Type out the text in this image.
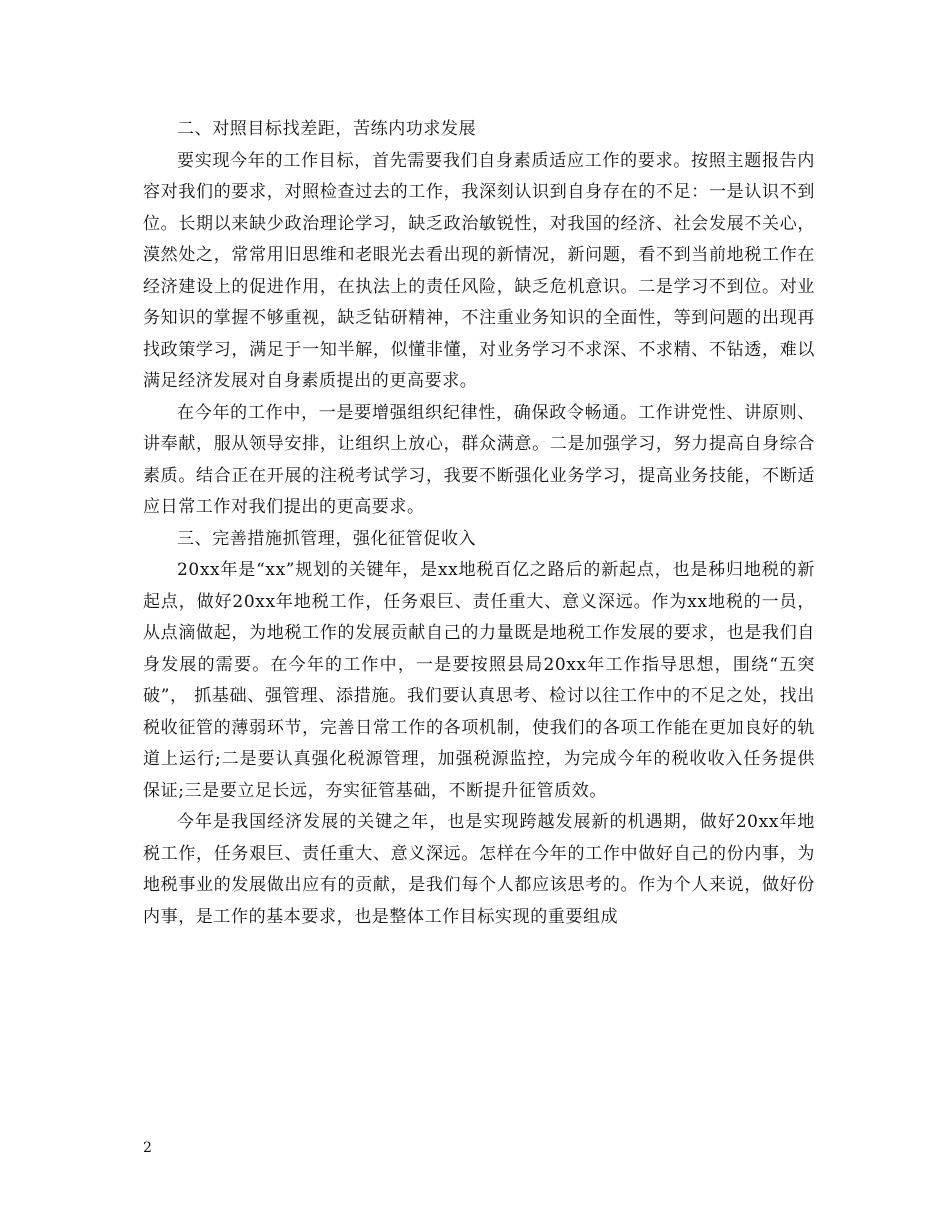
二、对照目标找差距，苦练内功求发展

要实现今年的工作目标，首先需要我们自身素质适应工作的要求。按照主题报告内容对我们的要求，对照检查过去的工作，我深刻认识到自身存在的不足：一是认识不到位。长期以来缺少政治理论学习，缺乏政治敏锐性，对我国的经济、社会发展不关心，漠然处之，常常用旧思维和老眼光去看出现的新情况，新问题，看不到当前地税工作在经济建设上的促进作用，在执法上的责任风险，缺乏危机意识。二是学习不到位。对业务知识的掌握不够重视，缺乏钻研精神，不注重业务知识的全面性，等到问题的出现再找政策学习，满足于一知半解，似懂非懂，对业务学习不求深、不求精、不钻透，难以满足经济发展对自身素质提出的更高要求。

在今年的工作中，一是要增强组织纪律性，确保政令畅通。工作讲党性、讲原则、讲奉献，服从领导安排，让组织上放心，群众满意。二是加强学习，努力提高自身综合素质。结合正在开展的注税考试学习，我要不断强化业务学习，提高业务技能，不断适应日常工作对我们提出的更高要求。

三、完善措施抓管理，强化征管促收入

20xx年是“xx”规划的关键年，是xx地税百亿之路后的新起点，也是秭归地税的新起点，做好20xx年地税工作，任务艰巨、责任重大、意义深远。作为xx地税的一员，从点滴做起，为地税工作的发展贡献自己的力量既是地税工作发展的要求，也是我们自身发展的需要。在今年的工作中，一是要按照县局20xx年工作指导思想，围绕“五突破”， 抓基础、强管理、添措施。我们要认真思考、检讨以往工作中的不足之处，找出税收征管的薄弱环节，完善日常工作的各项机制，使我们的各项工作能在更加良好的轨道上运行;二是要认真强化税源管理，加强税源监控，为完成今年的税收收入任务提供保证;三是要立足长远，夯实征管基础，不断提升征管质效。

今年是我国经济发展的关键之年，也是实现跨越发展新的机遇期，做好20xx年地税工作，任务艰巨、责任重大、意义深远。怎样在今年的工作中做好自己的份内事，为地税事业的发展做出应有的贡献，是我们每个人都应该思考的。作为个人来说，做好份内事，是工作的基本要求，也是整体工作目标实现的重要组成

2
